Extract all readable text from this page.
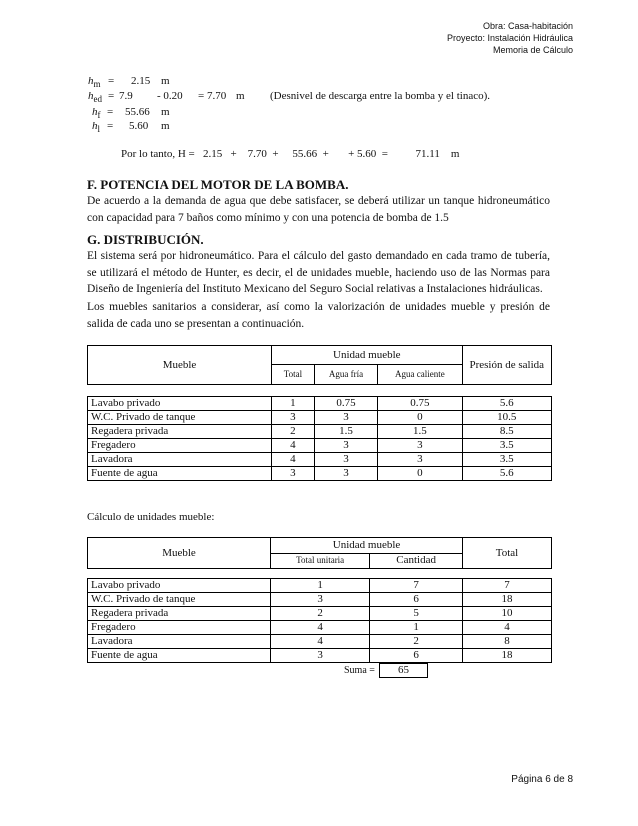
Obra: Casa-habitación
Proyecto: Instalación Hidráulica
Memoria de Cálculo
$h_m = 2.15$ m
$h_{ed} = 7.9 - 0.20 = 7.70$ m (Desnivel de descarga entre la bomba y el tinaco).
$h_f = 55.66$ m
$h_l = 5.60$ m
Por lo tanto, H =   2.15   +    7.70  +     55.66  +       + 5.60  =          71.11    m
F. POTENCIA DEL MOTOR DE LA BOMBA.
De acuerdo a la demanda de agua que debe satisfacer, se deberá utilizar un tanque hidroneumático con capacidad para 7 baños como mínimo y con una potencia de bomba de 1.5
G. DISTRIBUCIÓN.
El sistema será por hidroneumático. Para el cálculo del gasto demandado en cada tramo de tubería, se utilizará el método de Hunter, es decir, el de unidades mueble, haciendo uso de las Normas para Diseño de Ingeniería del Instituto Mexicano del Seguro Social relativas a Instalaciones hidráulicas.
Los muebles sanitarios a considerar, así como la valorización de unidades mueble y presión de salida de cada uno se presentan a continuación.
Mueble	Unidad mueble			Presión de salida
	Total	Agua fría	Agua caliente	
Lavabo privado	1	0.75	0.75	5.6
W.C. Privado de tanque	3	3	0	10.5
Regadera privada	2	1.5	1.5	8.5
Fregadero	4	3	3	3.5
Lavadora	4	3	3	3.5
Fuente de agua	3	3	0	5.6
Cálculo de unidades mueble:
Mueble	Unidad mueble		Total
	Total unitaria	Cantidad	
Lavabo privado	1	7	7
W.C. Privado de tanque	3	6	18
Regadera privada	2	5	10
Fregadero	4	1	4
Lavadora	4	2	8
Fuente de agua	3	6	18
Suma =	65
Página 6 de 8
